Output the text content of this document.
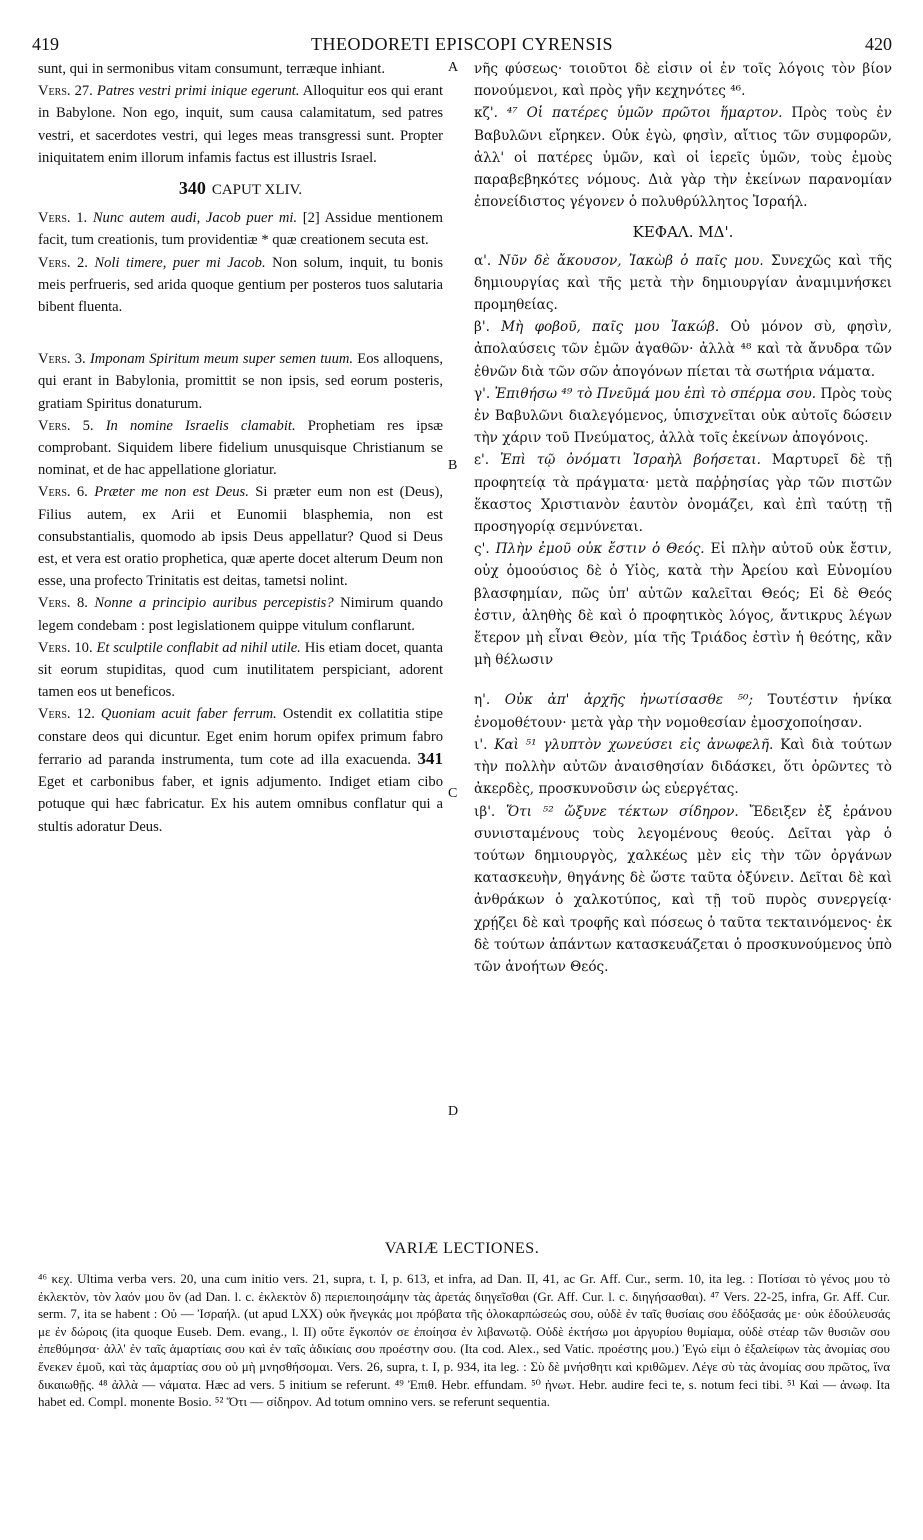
419	THEODORETI EPISCOPI CYRENSIS	420

sunt, qui in sermonibus vitam consumunt, terræque inhiant.

Vers. 27. Patres vestri primi inique egerunt. Alloquitur eos qui erant in Babylone. Non ego, inquit, sum causa calamitatum, sed patres vestri, et sacerdotes vestri, qui leges meas transgressi sunt. Propter iniquitatem enim illorum infamis factus est illustris Israel.

340 CAPUT XLIV.

Vers. 1. Nunc autem audi, Jacob puer mi. [2] Assidue mentionem facit, tum creationis, tum providentiæ * quæ creationem secuta est.

Vers. 2. Noli timere, puer mi Jacob. Non solum, inquit, tu bonis meis perfrueris, sed arida quoque gentium per posteros tuos salutaria bibent fluenta.

Vers. 3. Imponam Spiritum meum super semen tuum. Eos alloquens, qui erant in Babylonia, promittit se non ipsis, sed eorum posteris, gratiam Spiritus donaturum.

Vers. 5. In nomine Israelis clamabit. Prophetiam res ipsæ comprobant. Siquidem libere fidelium unusquisque Christianum se nominat, et de hac appellatione gloriatur.

Vers. 6. Præter me non est Deus. Si præter eum non est (Deus), Filius autem, ex Arii et Eunomii blasphemia, non est consubstantialis, quomodo ab ipsis Deus appellatur? Quod si Deus est, et vera est oratio prophetica, quæ aperte docet alterum Deum non esse, una profecto Trinitatis est deitas, tametsi nolint.

Vers. 8. Nonne a principio auribus percepistis? Nimirum quando legem condebam : post legislationem quippe vitulum conflarunt.

Vers. 10. Et sculptile conflabit ad nihil utile. His etiam docet, quanta sit eorum stupiditas, quod cum inutilitatem perspiciant, adorent tamen eos ut beneficos.

Vers. 12. Quoniam acuit faber ferrum. Ostendit ex collatitia stipe constare deos qui dicuntur. Eget enim horum opifex primum fabro ferrario ad paranda instrumenta, tum cote ad illa exacuenda. 341 Eget et carbonibus faber, et ignis adjumento. Indiget etiam cibo potuque qui hæc fabricatur. Ex his autem omnibus conflatur qui a stultis adoratur Deus.

A
B
C
D

νῆς φύσεως· τοιοῦτοι δὲ εἰσιν οἱ ἐν τοῖς λόγοις τὸν βίον πονούμενοι, καὶ πρὸς γῆν κεχηνότες ⁴⁶.

κζ'. ⁴⁷ Οἱ πατέρες ὑμῶν πρῶτοι ἥμαρτον. Πρὸς τοὺς ἐν Βαβυλῶνι εἴρηκεν. Οὐκ ἐγὼ, φησὶν, αἴτιος τῶν συμφορῶν, ἀλλ' οἱ πατέρες ὑμῶν, καὶ οἱ ἱερεῖς ὑμῶν, τοὺς ἐμοὺς παραβεβηκότες νόμους. Διὰ γὰρ τὴν ἐκείνων παρανομίαν ἐπονείδιστος γέγονεν ὁ πολυθρύλλητος Ἰσραήλ.

ΚΕΦΑΛ. ΜΔ'.

α'. Νῦν δὲ ἄκουσον, Ἰακὼβ ὁ παῖς μου. Συνεχῶς καὶ τῆς δημιουργίας καὶ τῆς μετὰ τὴν δημιουργίαν ἀναμιμνήσκει προμηθείας.

β'. Μὴ φοβοῦ, παῖς μου Ἰακώβ. Οὐ μόνον σὺ, φησὶν, ἀπολαύσεις τῶν ἐμῶν ἀγαθῶν· ἀλλὰ ⁴⁸ καὶ τὰ ἄνυδρα τῶν ἐθνῶν διὰ τῶν σῶν ἀπογόνων πίεται τὰ σωτήρια νάματα.

γ'. Ἐπιθήσω ⁴⁹ τὸ Πνεῦμά μου ἐπὶ τὸ σπέρμα σου. Πρὸς τοὺς ἐν Βαβυλῶνι διαλεγόμενος, ὑπισχνεῖται οὐκ αὐτοῖς δώσειν τὴν χάριν τοῦ Πνεύματος, ἀλλὰ τοῖς ἐκείνων ἀπογόνοις.

ε'. Ἐπὶ τῷ ὀνόματι Ἰσραὴλ βοήσεται. Μαρτυρεῖ δὲ τῇ προφητείᾳ τὰ πράγματα· μετὰ παῤῥησίας γὰρ τῶν πιστῶν ἕκαστος Χριστιανὸν ἑαυτὸν ὀνομάζει, καὶ ἐπὶ ταύτῃ τῇ προσηγορίᾳ σεμνύνεται.

ς'. Πλὴν ἐμοῦ οὐκ ἔστιν ὁ Θεός. Εἰ πλὴν αὐτοῦ οὐκ ἔστιν, οὐχ ὁμοούσιος δὲ ὁ Υἱὸς, κατὰ τὴν Ἀρείου καὶ Εὐνομίου βλασφημίαν, πῶς ὑπ' αὐτῶν καλεῖται Θεός; Εἰ δὲ Θεός ἐστιν, ἀληθὴς δὲ καὶ ὁ προφητικὸς λόγος, ἄντικρυς λέγων ἕτερον μὴ εἶναι Θεὸν, μία τῆς Τριάδος ἐστὶν ἡ θεότης, κἂν μὴ θέλωσιν

η'. Οὐκ ἀπ' ἀρχῆς ἠνωτίσασθε ⁵⁰; Τουτέστιν ἡνίκα ἐνομοθέτουν· μετὰ γὰρ τὴν νομοθεσίαν ἐμοσχοποίησαν.

ι'. Καὶ ⁵¹ γλυπτὸν χωνεύσει εἰς ἀνωφελῆ. Καὶ διὰ τούτων τὴν πολλὴν αὐτῶν ἀναισθησίαν διδάσκει, ὅτι ὁρῶντες τὸ ἀκερδὲς, προσκυνοῦσιν ὡς εὐεργέτας.

ιβ'. Ὅτι ⁵² ὤξυνε τέκτων σίδηρον. Ἔδειξεν ἐξ ἐράνου συνισταμένους τοὺς λεγομένους θεούς. Δεῖται γὰρ ὁ τούτων δημιουργὸς, χαλκέως μὲν εἰς τὴν τῶν ὀργάνων κατασκευὴν, θηγάνης δὲ ὥστε ταῦτα ὀξύνειν. Δεῖται δὲ καὶ ἀνθράκων ὁ χαλκοτύπος, καὶ τῇ τοῦ πυρὸς συνεργείᾳ· χρῄζει δὲ καὶ τροφῆς καὶ πόσεως ὁ ταῦτα τεκταινόμενος· ἐκ δὲ τούτων ἁπάντων κατασκευάζεται ὁ προσκυνούμενος ὑπὸ τῶν ἀνοήτων Θεός.

VARIÆ LECTIONES.

⁴⁶ κεχ. Ultima verba vers. 20, una cum initio vers. 21, supra, t. I, p. 613, et infra, ad Dan. II, 41, ac Gr. Aff. Cur., serm. 10, ita leg. : Ποτίσαι τὸ γένος μου τὸ ἐκλεκτὸν, τὸν λαόν μου ὃν (ad Dan. l. c. ἐκλεκτὸν δ) περιεποιησάμην τὰς ἀρετάς διηγεῖσθαι (Gr. Aff. Cur. l. c. διηγήσασθαι). ⁴⁷ Vers. 22-25, infra, Gr. Aff. Cur. serm. 7, ita se habent : Οὐ — Ἰσραήλ. (ut apud LXX) οὐκ ἤνεγκάς μοι πρόβατα τῆς ὁλοκαρπώσεώς σου, οὐδὲ ἐν ταῖς θυσίαις σου ἐδόξασάς με· οὐκ ἐδούλευσάς με ἐν δώροις (ita quoque Euseb. Dem. evang., l. II) οὔτε ἔγκοπόν σε ἐποίησα ἐν λιβανωτῷ. Οὐδὲ ἐκτήσω μοι ἀργυρίου θυμίαμα, οὐδὲ στέαρ τῶν θυσιῶν σου ἐπεθύμησα· ἀλλ' ἐν ταῖς ἁμαρτίαις σου καὶ ἐν ταῖς ἀδικίαις σου προέστην σου. (Ita cod. Alex., sed Vatic. προέστης μου.) Ἐγώ εἰμι ὁ ἐξαλείφων τὰς ἀνομίας σου ἕνεκεν ἐμοῦ, καὶ τὰς ἁμαρτίας σου οὐ μὴ μνησθήσομαι. Vers. 26, supra, t. I, p. 934, ita leg. : Σὺ δὲ μνήσθητι καὶ κριθῶμεν. Λέγε σὺ τὰς ἀνομίας σου πρῶτος, ἵνα δικαιωθῇς. ⁴⁸ ἀλλὰ — νάματα. Hæc ad vers. 5 initium se referunt. ⁴⁹ Ἐπιθ. Hebr. effundam. ⁵⁰ ἠνωτ. Hebr. audire feci te, s. notum feci tibi. ⁵¹ Καὶ — ἀνωφ. Ita habet ed. Compl. monente Bosio. ⁵² Ὅτι — σίδηρον. Ad totum omnino vers. se referunt sequentia.
